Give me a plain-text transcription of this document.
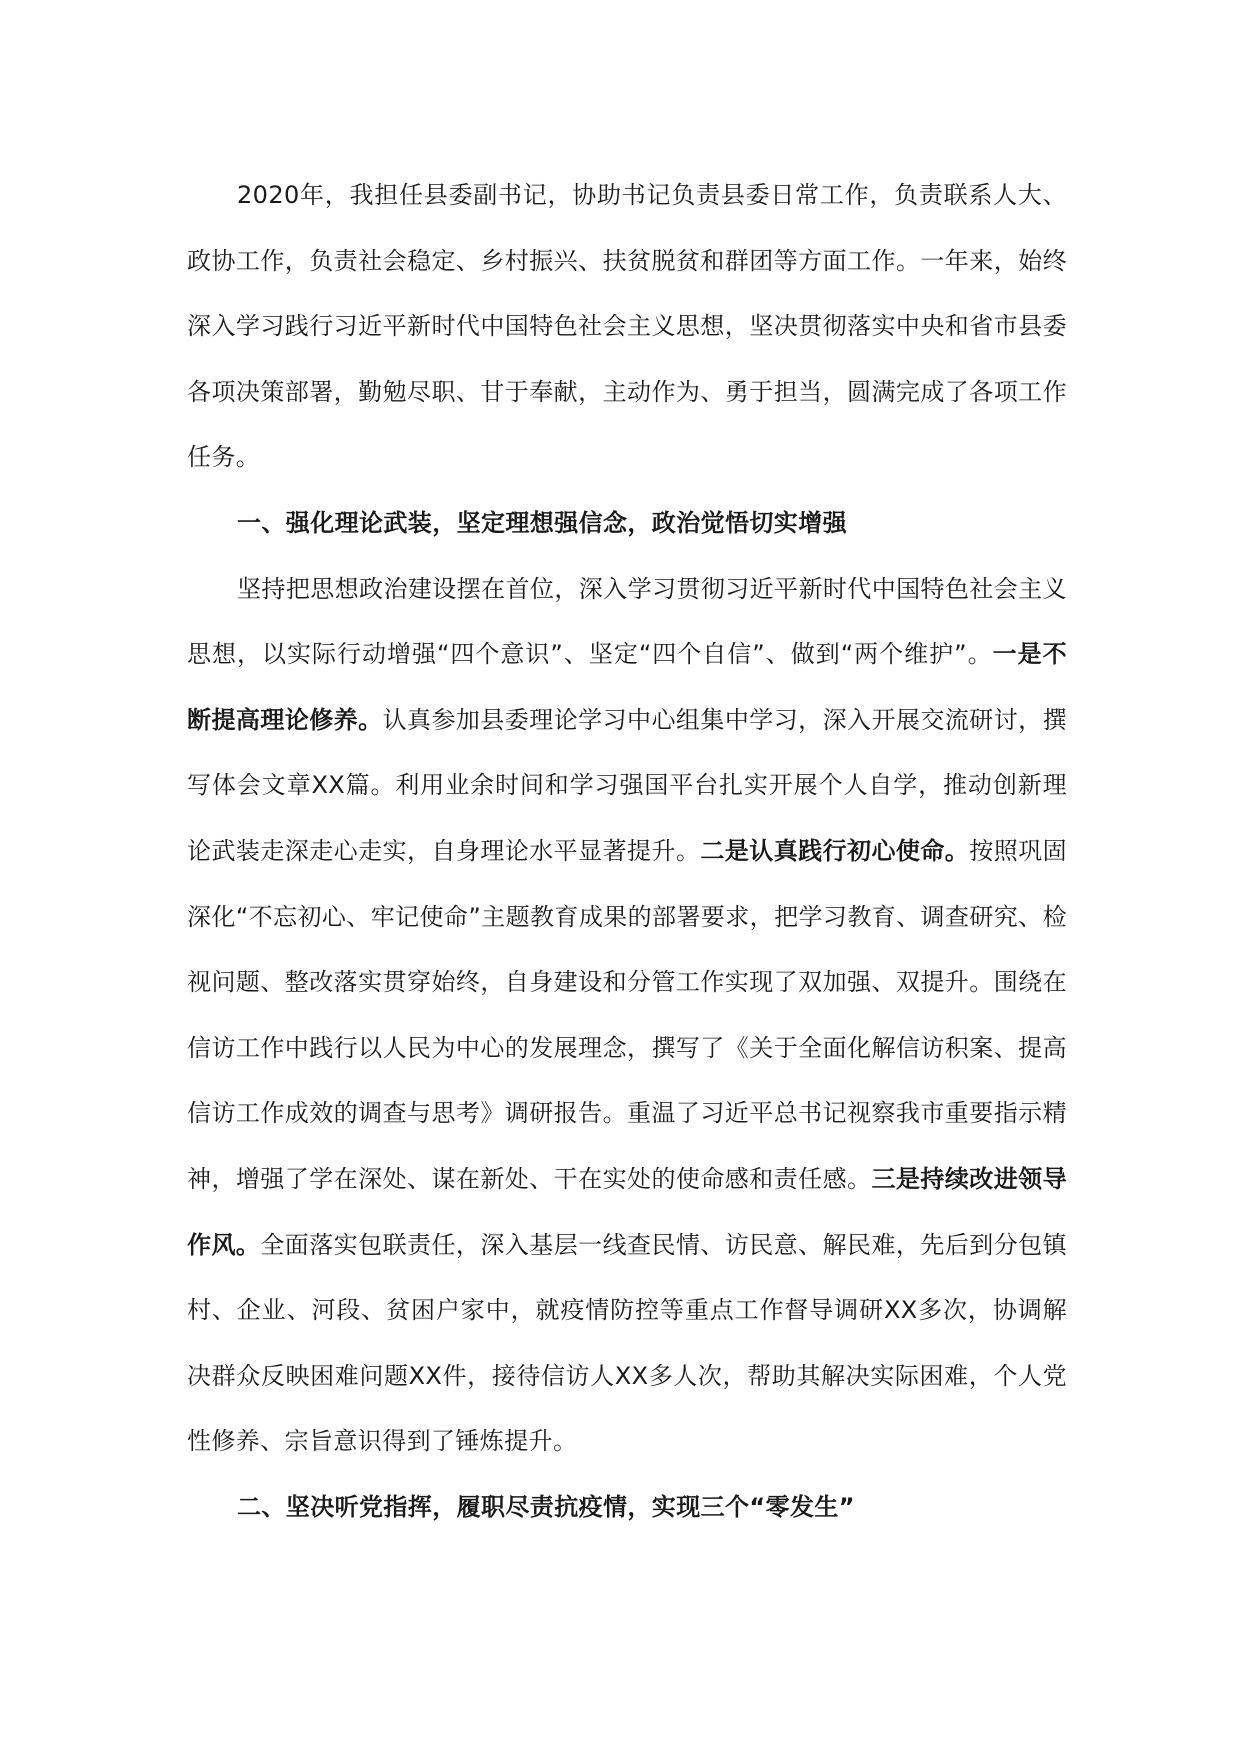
2020年，我担任县委副书记，协助书记负责县委日常工作，负责联系人大、政协工作，负责社会稳定、乡村振兴、扶贫脱贫和群团等方面工作。一年来，始终深入学习践行习近平新时代中国特色社会主义思想，坚决贯彻落实中央和省市县委各项决策部署，勤勉尽职、甘于奉献，主动作为、勇于担当，圆满完成了各项工作任务。

一、强化理论武装，坚定理想强信念，政治觉悟切实增强

坚持把思想政治建设摆在首位，深入学习贯彻习近平新时代中国特色社会主义思想，以实际行动增强“四个意识”、坚定“四个自信”、做到“两个维护”。一是不断提高理论修养。认真参加县委理论学习中心组集中学习，深入开展交流研讨，撰写体会文章XX篇。利用业余时间和学习强国平台扎实开展个人自学，推动创新理论武装走深走心走实，自身理论水平显著提升。二是认真践行初心使命。按照巩固深化“不忘初心、牢记使命”主题教育成果的部署要求，把学习教育、调查研究、检视问题、整改落实贯穿始终，自身建设和分管工作实现了双加强、双提升。围绕在信访工作中践行以人民为中心的发展理念，撰写了《关于全面化解信访积案、提高信访工作成效的调查与思考》调研报告。重温了习近平总书记视察我市重要指示精神，增强了学在深处、谋在新处、干在实处的使命感和责任感。三是持续改进领导作风。全面落实包联责任，深入基层一线查民情、访民意、解民难，先后到分包镇村、企业、河段、贫困户家中，就疫情防控等重点工作督导调研XX多次，协调解决群众反映困难问题XX件，接待信访人XX多人次，帮助其解决实际困难，个人党性修养、宗旨意识得到了锤炼提升。

二、坚决听党指挥，履职尽责抗疫情，实现三个“零发生”
